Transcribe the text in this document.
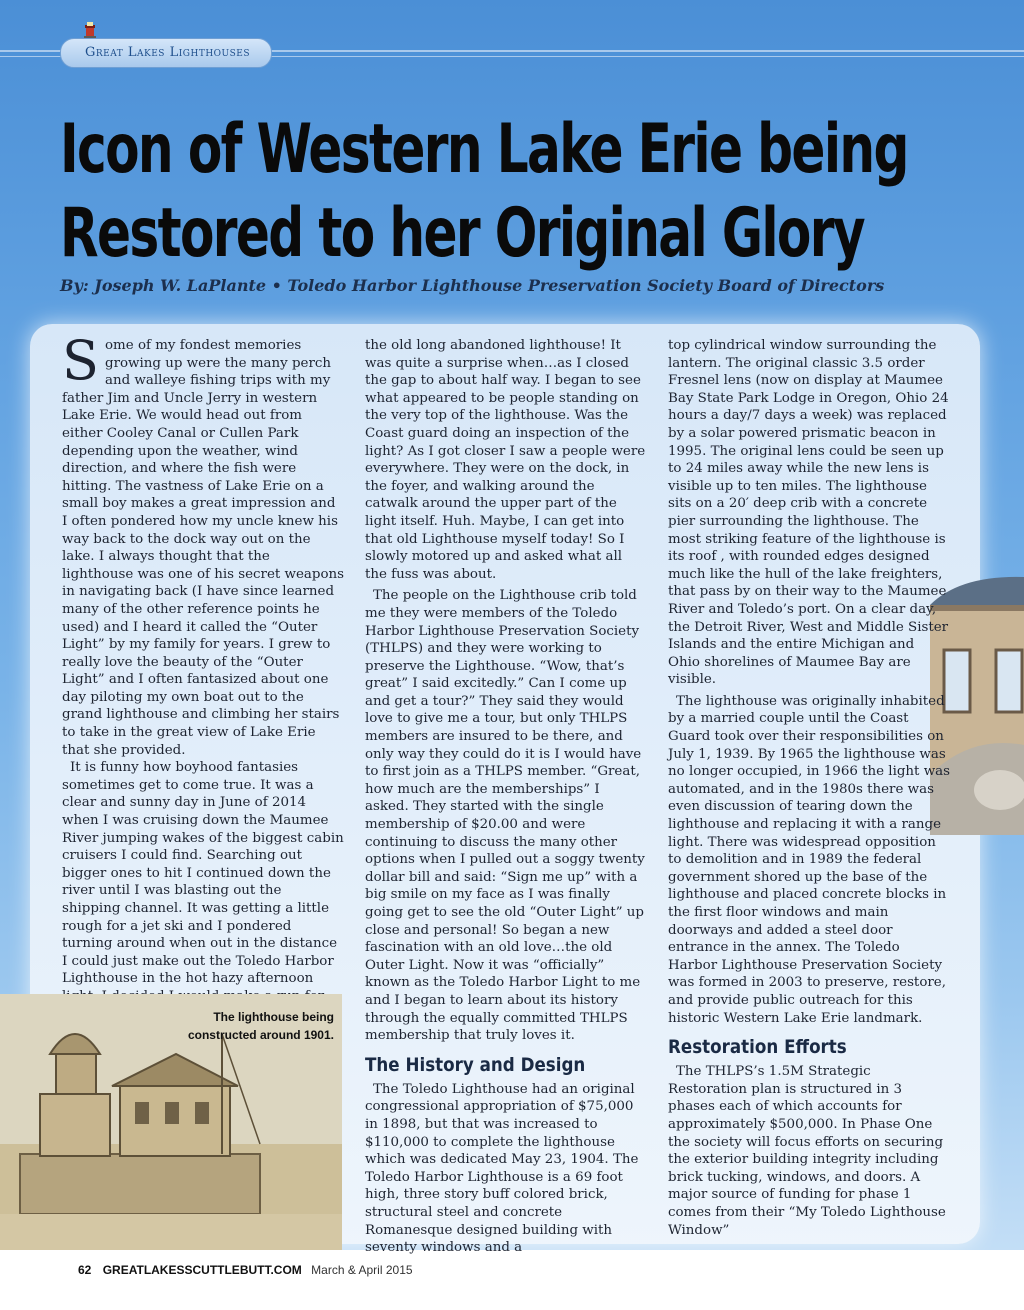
Great Lakes Lighthouses
Icon of Western Lake Erie being Restored to her Original Glory
By: Joseph W. LaPlante • Toledo Harbor Lighthouse Preservation Society Board of Directors

S ome of my fondest memories growing up were the many perch and walleye fishing trips with my father Jim and Uncle Jerry in western Lake Erie. We would head out from either Cooley Canal or Cullen Park depending upon the weather, wind direction, and where the fish were hitting. The vastness of Lake Erie on a small boy makes a great impression and I often pondered how my uncle knew his way back to the dock way out on the lake. I always thought that the lighthouse was one of his secret weapons in navigating back (I have since learned many of the other reference points he used) and I heard it called the “Outer Light” by my family for years. I grew to really love the beauty of the “Outer Light” and I often fantasized about one day piloting my own boat out to the grand lighthouse and climbing her stairs to take in the great view of Lake Erie that she provided.

It is funny how boyhood fantasies sometimes get to come true. It was a clear and sunny day in June of 2014 when I was cruising down the Maumee River jumping wakes of the biggest cabin cruisers I could find. Searching out bigger ones to hit I continued down the river until I was blasting out the shipping channel. It was getting a little rough for a jet ski and I pondered turning around when out in the distance I could just make out the Toledo Harbor Lighthouse in the hot hazy afternoon

the old long abandoned lighthouse! It was quite a surprise when…as I closed the gap to about half way. I began to see what appeared to be people standing on the very top of the lighthouse. Was the Coast guard doing an inspection of the light? As I got closer I saw a people were everywhere. They were on the dock, in the foyer, and walking around the catwalk around the upper part of the light itself. Huh. Maybe, I can get into that old Lighthouse myself today! So I slowly motored up and asked what all the fuss was about.

The people on the Lighthouse crib told me they were members of the Toledo Harbor Lighthouse Preservation Society (THLPS) and they were working to preserve the Lighthouse. “Wow, that’s great” I said excitedly.” Can I come up and get a tour?” They said they would love to give me a tour, but only THLPS members are insured to be there, and only way they could do it is I would have to first join as a THLPS member. “Great, how much are the memberships” I asked. They started with the single membership of $20.00 and were continuing to discuss the many other options when I pulled out a soggy twenty dollar bill and said: “Sign me up” with a big smile on my face as I was finally going get to see the old “Outer Light” up close and personal! So began a new fascination with an old love…the old Outer Light. Now it was “officially” known as the Toledo Harbor Light to me and I began to learn about its history through the equally committed THLPS membership that truly loves it.

The History and Design

The Toledo Lighthouse had an original congressional appropriation of $75,000 in 1898, but that was increased to $110,000 to complete the lighthouse which was dedicated May 23, 1904. The Toledo Harbor Lighthouse is a 69 foot high, three story buff colored brick, structural steel and concrete Romanesque designed building with seventy windows and a

top cylindrical window surrounding the lantern. The original classic 3.5 order Fresnel lens (now on display at Maumee Bay State Park Lodge in Oregon, Ohio 24 hours a day/7 days a week) was replaced by a solar powered prismatic beacon in 1995. The original lens could be seen up to 24 miles away while the new lens is visible up to ten miles. The lighthouse sits on a 20′ deep crib with a concrete pier surrounding the lighthouse. The most striking feature of the lighthouse is its roof , with rounded edges designed much like the hull of the lake freighters, that pass by on their way to the Maumee River and Toledo’s port. On a clear day, the Detroit River, West and Middle Sister Islands and the entire Michigan and Ohio shorelines of Maumee Bay are visible.

The lighthouse was originally inhabited by a married couple until the Coast Guard took over their responsibilities on July 1, 1939. By 1965 the lighthouse was no longer occupied, in 1966 the light was automated, and in the 1980s there was even discussion of tearing down the lighthouse and replacing it with a range light. There was widespread opposition to demolition and in 1989 the federal government shored up the base of the lighthouse and placed concrete blocks in the first floor windows and main doorways and added a steel door entrance in the annex. The Toledo Harbor Lighthouse Preservation Society was formed in 2003 to preserve, restore, and provide public outreach for this historic Western Lake Erie landmark.

Restoration Efforts

The THLPS’s 1.5M Strategic Restoration plan is structured in 3 phases each of which accounts for approximately $500,000. In Phase One the society will focus efforts on securing the exterior building integrity including brick tucking, windows, and doors. A major source of funding for phase 1 comes from their “My Toledo Lighthouse Window”

The lighthouse being
constructed around 1901.
62 GREATLAKESSCUTTLEBUTT.COM March & April 2015
